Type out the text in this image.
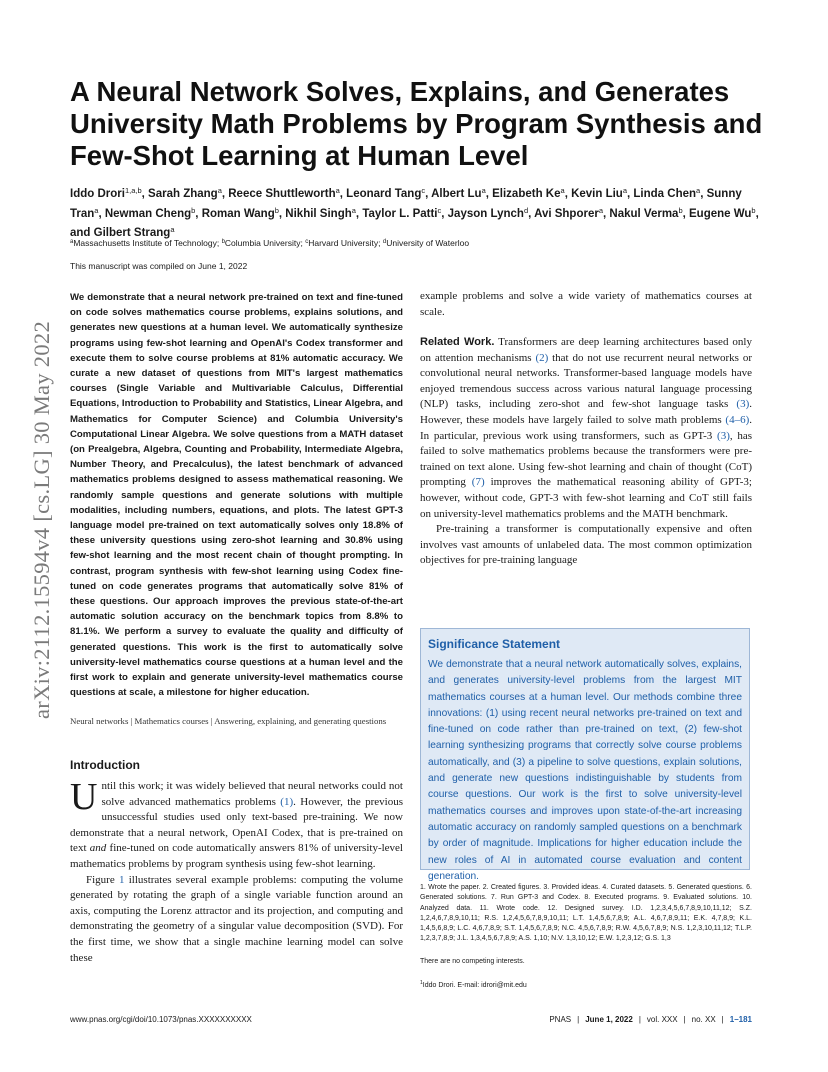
arXiv:2112.15594v4 [cs.LG] 30 May 2022
A Neural Network Solves, Explains, and Generates University Math Problems by Program Synthesis and Few-Shot Learning at Human Level
Iddo Drori$^{1,a,b}$, Sarah Zhang$^a$, Reece Shuttleworth$^a$, Leonard Tang$^c$, Albert Lu$^a$, Elizabeth Ke$^a$, Kevin Liu$^a$, Linda Chen$^a$, Sunny Tran$^a$, Newman Cheng$^b$, Roman Wang$^b$, Nikhil Singh$^a$, Taylor L. Patti$^c$, Jayson Lynch$^d$, Avi Shporer$^a$, Nakul Verma$^b$, Eugene Wu$^b$, and Gilbert Strang$^a$
$^a$Massachusetts Institute of Technology; $^b$Columbia University; $^c$Harvard University; $^d$University of Waterloo
This manuscript was compiled on June 1, 2022
We demonstrate that a neural network pre-trained on text and fine-tuned on code solves mathematics course problems, explains solutions, and generates new questions at a human level. We automatically synthesize programs using few-shot learning and OpenAI's Codex transformer and execute them to solve course problems at 81% automatic accuracy. We curate a new dataset of questions from MIT's largest mathematics courses (Single Variable and Multivariable Calculus, Differential Equations, Introduction to Probability and Statistics, Linear Algebra, and Mathematics for Computer Science) and Columbia University's Computational Linear Algebra. We solve questions from a MATH dataset (on Prealgebra, Algebra, Counting and Probability, Intermediate Algebra, Number Theory, and Precalculus), the latest benchmark of advanced mathematics problems designed to assess mathematical reasoning. We randomly sample questions and generate solutions with multiple modalities, including numbers, equations, and plots. The latest GPT-3 language model pre-trained on text automatically solves only 18.8% of these university questions using zero-shot learning and 30.8% using few-shot learning and the most recent chain of thought prompting. In contrast, program synthesis with few-shot learning using Codex fine-tuned on code generates programs that automatically solve 81% of these questions. Our approach improves the previous state-of-the-art automatic solution accuracy on the benchmark topics from 8.8% to 81.1%. We perform a survey to evaluate the quality and difficulty of generated questions. This work is the first to automatically solve university-level mathematics course questions at a human level and the first work to explain and generate university-level mathematics course questions at scale, a milestone for higher education.
Neural networks | Mathematics courses | Answering, explaining, and generating questions
Introduction

Until this work; it was widely believed that neural networks could not solve advanced mathematics problems (1). However, the previous unsuccessful studies used only text-based pre-training. We now demonstrate that a neural network, OpenAI Codex, that is pre-trained on text and fine-tuned on code automatically answers 81% of university-level mathematics problems by program synthesis using few-shot learning.

Figure 1 illustrates several example problems: computing the volume generated by rotating the graph of a single variable function around an axis, computing the Lorenz attractor and its projection, and computing and demonstrating the geometry of a singular value decomposition (SVD). For the first time, we show that a single machine learning model can solve these

example problems and solve a wide variety of mathematics courses at scale.

Related Work. Transformers are deep learning architectures based only on attention mechanisms (2) that do not use recurrent neural networks or convolutional neural networks. Transformer-based language models have enjoyed tremendous success across various natural language processing (NLP) tasks, including zero-shot and few-shot language tasks (3). However, these models have largely failed to solve math problems (4–6). In particular, previous work using transformers, such as GPT-3 (3), has failed to solve mathematics problems because the transformers were pre-trained on text alone. Using few-shot learning and chain of thought (CoT) prompting (7) improves the mathematical reasoning ability of GPT-3; however, without code, GPT-3 with few-shot learning and CoT still fails on university-level mathematics problems and the MATH benchmark.

Pre-training a transformer is computationally expensive and often involves vast amounts of unlabeled data. The most common optimization objectives for pre-training language

Significance Statement
We demonstrate that a neural network automatically solves, explains, and generates university-level problems from the largest MIT mathematics courses at a human level. Our methods combine three innovations: (1) using recent neural networks pre-trained on text and fine-tuned on code rather than pre-trained on text, (2) few-shot learning synthesizing programs that correctly solve course problems automatically, and (3) a pipeline to solve questions, explain solutions, and generate new questions indistinguishable by students from course questions. Our work is the first to solve university-level mathematics courses and improves upon state-of-the-art increasing automatic accuracy on randomly sampled questions on a benchmark by order of magnitude. Implications for higher education include the new roles of AI in automated course evaluation and content generation.
1. Wrote the paper. 2. Created figures. 3. Provided ideas. 4. Curated datasets. 5. Generated questions. 6. Generated solutions. 7. Run GPT-3 and Codex. 8. Executed programs. 9. Evaluated solutions. 10. Analyzed data. 11. Wrote code. 12. Designed survey. I.D. 1,2,3,4,5,6,7,8,9,10,11,12; S.Z. 1,2,4,6,7,8,9,10,11; R.S. 1,2,4,5,6,7,8,9,10,11; L.T. 1,4,5,6,7,8,9; A.L. 4,6,7,8,9,11; E.K. 4,7,8,9; K.L. 1,4,5,6,8,9; L.C. 4,6,7,8,9; S.T. 1,4,5,6,7,8,9; N.C. 4,5,6,7,8,9; R.W. 4,5,6,7,8,9; N.S. 1,2,3,10,11,12; T.L.P. 1,2,3,7,8,9; J.L. 1,3,4,5,6,7,8,9; A.S. 1,10; N.V. 1,3,10,12; E.W. 1,2,3,12; G.S. 1,3
There are no competing interests.
$^1$Iddo Drori. E-mail: idrori@mit.edu
www.pnas.org/cgi/doi/10.1073/pnas.XXXXXXXXXX	PNAS | June 1, 2022 | vol. XXX | no. XX | 1–181
